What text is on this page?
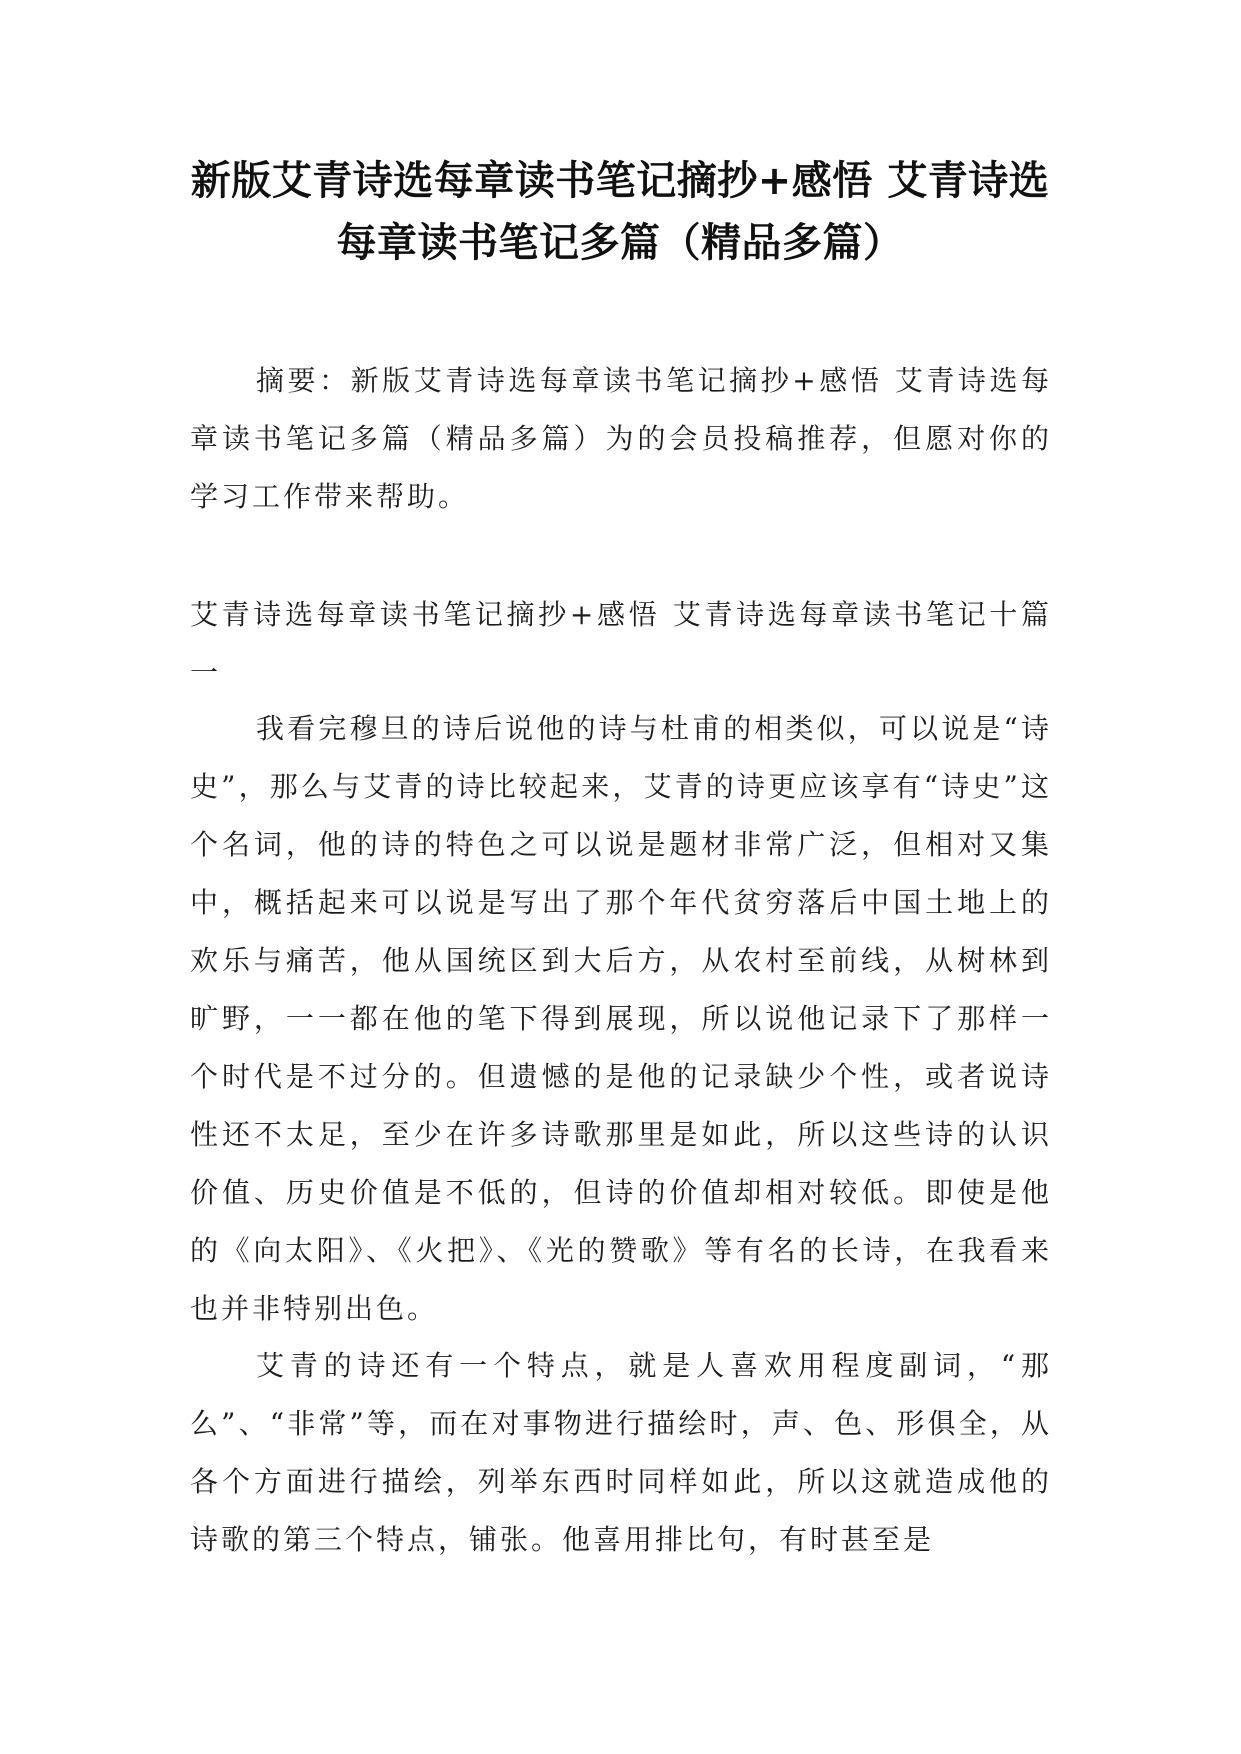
新版艾青诗选每章读书笔记摘抄+感悟 艾青诗选每章读书笔记多篇（精品多篇）

摘要：新版艾青诗选每章读书笔记摘抄+感悟 艾青诗选每章读书笔记多篇（精品多篇）为的会员投稿推荐，但愿对你的学习工作带来帮助。

艾青诗选每章读书笔记摘抄+感悟 艾青诗选每章读书笔记十篇一

我看完穆旦的诗后说他的诗与杜甫的相类似，可以说是“诗史”，那么与艾青的诗比较起来，艾青的诗更应该享有“诗史”这个名词，他的诗的特色之可以说是题材非常广泛，但相对又集中，概括起来可以说是写出了那个年代贫穷落后中国土地上的欢乐与痛苦，他从国统区到大后方，从农村至前线，从树林到旷野，一一都在他的笔下得到展现，所以说他记录下了那样一个时代是不过分的。但遗憾的是他的记录缺少个性，或者说诗性还不太足，至少在许多诗歌那里是如此，所以这些诗的认识价值、历史价值是不低的，但诗的价值却相对较低。即使是他的《向太阳》、《火把》、《光的赞歌》等有名的长诗，在我看来也并非特别出色。

艾青的诗还有一个特点，就是人喜欢用程度副词，“那么”、“非常”等，而在对事物进行描绘时，声、色、形俱全，从各个方面进行描绘，列举东西时同样如此，所以这就造成他的诗歌的第三个特点，铺张。他喜用排比句，有时甚至是
